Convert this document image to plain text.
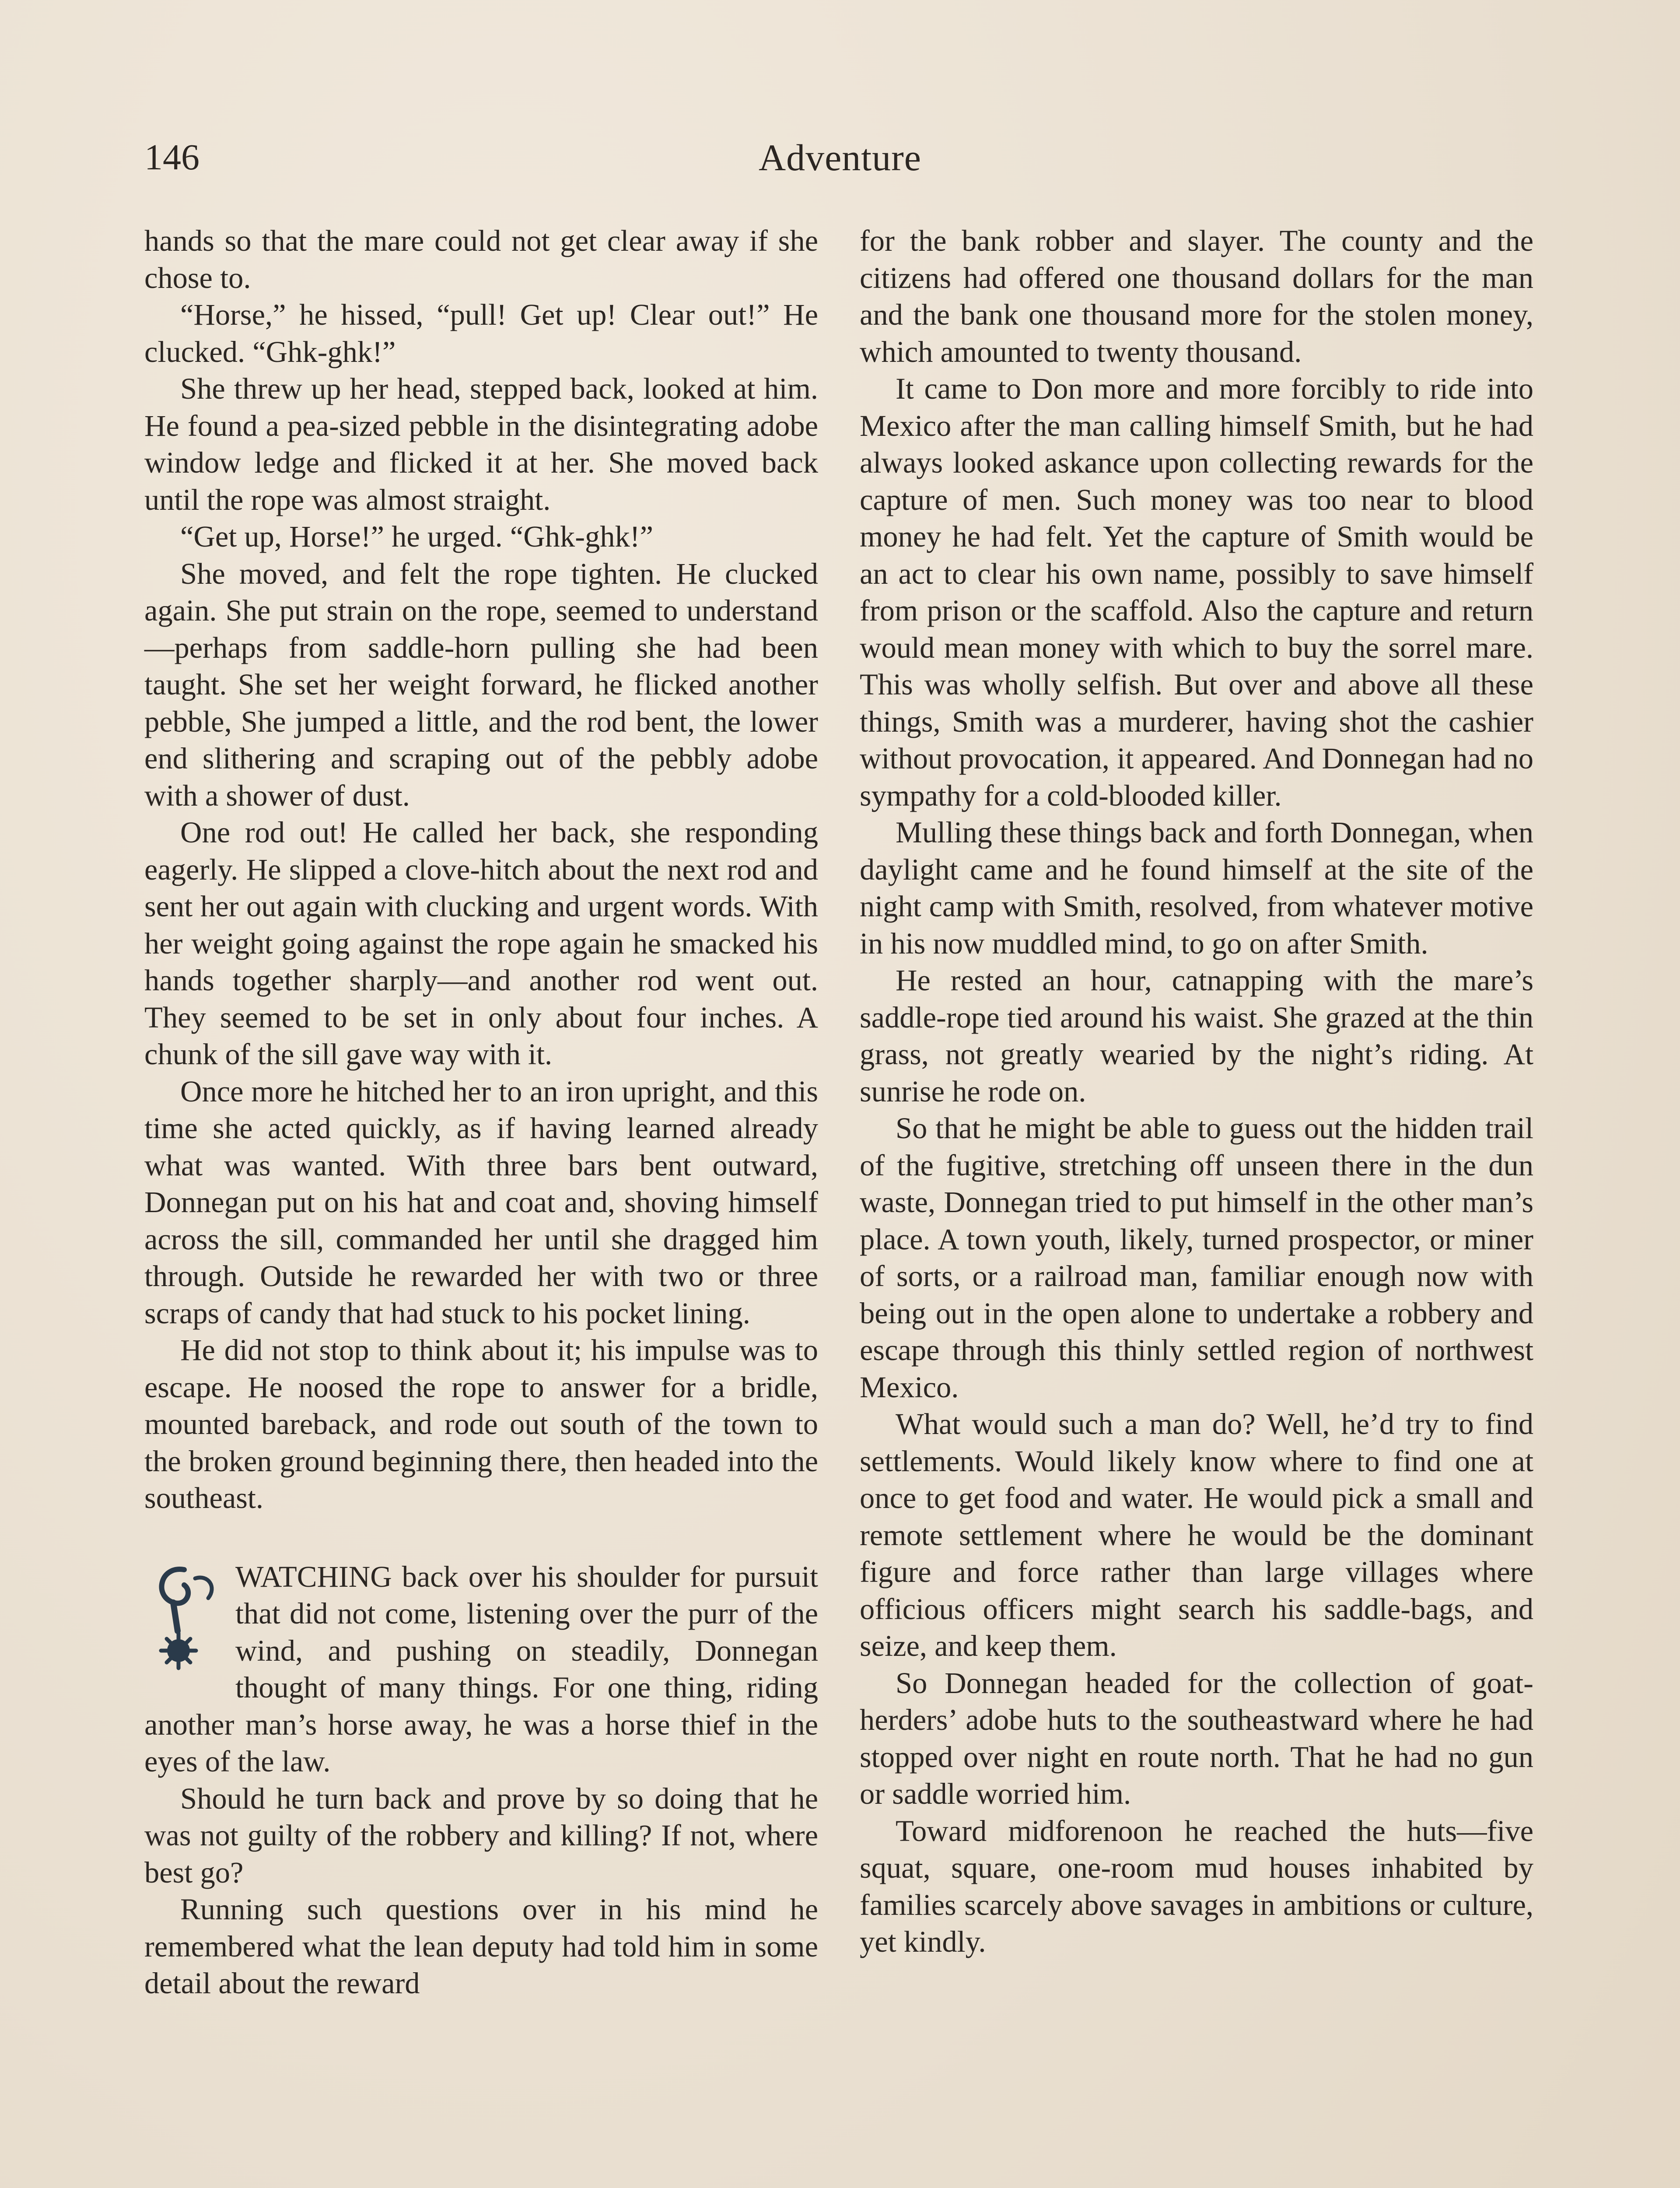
146	Adventure

hands so that the mare could not get clear away if she chose to.

“Horse,” he hissed, “pull! Get up! Clear out!” He clucked. “Ghk-ghk!”

She threw up her head, stepped back, looked at him. He found a pea-sized pebble in the disintegrating adobe window ledge and flicked it at her. She moved back until the rope was almost straight.

“Get up, Horse!” he urged. “Ghk-ghk!”

She moved, and felt the rope tighten. He clucked again. She put strain on the rope, seemed to understand—perhaps from saddle-horn pulling she had been taught. She set her weight forward, he flicked another pebble, She jumped a little, and the rod bent, the lower end slithering and scraping out of the pebbly adobe with a shower of dust.

One rod out! He called her back, she responding eagerly. He slipped a clove-hitch about the next rod and sent her out again with clucking and urgent words. With her weight going against the rope again he smacked his hands together sharply—and another rod went out. They seemed to be set in only about four inches. A chunk of the sill gave way with it.

Once more he hitched her to an iron upright, and this time she acted quickly, as if having learned already what was wanted. With three bars bent outward, Donnegan put on his hat and coat and, shoving himself across the sill, commanded her until she dragged him through. Outside he rewarded her with two or three scraps of candy that had stuck to his pocket lining.

He did not stop to think about it; his impulse was to escape. He noosed the rope to answer for a bridle, mounted bareback, and rode out south of the town to the broken ground beginning there, then headed into the southeast.

WATCHING back over his shoulder for pursuit that did not come, listening over the purr of the wind, and pushing on steadily, Donnegan thought of many things. For one thing, riding another man’s horse away, he was a horse thief in the eyes of the law.

Should he turn back and prove by so doing that he was not guilty of the robbery and killing? If not, where best go?

Running such questions over in his mind he remembered what the lean deputy had told him in some detail about the reward

for the bank robber and slayer. The county and the citizens had offered one thousand dollars for the man and the bank one thousand more for the stolen money, which amounted to twenty thousand.

It came to Don more and more forcibly to ride into Mexico after the man calling himself Smith, but he had always looked askance upon collecting rewards for the capture of men. Such money was too near to blood money he had felt. Yet the capture of Smith would be an act to clear his own name, possibly to save himself from prison or the scaffold. Also the capture and return would mean money with which to buy the sorrel mare. This was wholly selfish. But over and above all these things, Smith was a murderer, having shot the cashier without provocation, it appeared. And Donnegan had no sympathy for a cold-blooded killer.

Mulling these things back and forth Donnegan, when daylight came and he found himself at the site of the night camp with Smith, resolved, from whatever motive in his now muddled mind, to go on after Smith.

He rested an hour, catnapping with the mare’s saddle-rope tied around his waist. She grazed at the thin grass, not greatly wearied by the night’s riding. At sunrise he rode on.

So that he might be able to guess out the hidden trail of the fugitive, stretching off unseen there in the dun waste, Donnegan tried to put himself in the other man’s place. A town youth, likely, turned prospector, or miner of sorts, or a railroad man, familiar enough now with being out in the open alone to undertake a robbery and escape through this thinly settled region of northwest Mexico.

What would such a man do? Well, he’d try to find settlements. Would likely know where to find one at once to get food and water. He would pick a small and remote settlement where he would be the dominant figure and force rather than large villages where officious officers might search his saddle-bags, and seize, and keep them.

So Donnegan headed for the collection of goat-herders’ adobe huts to the southeastward where he had stopped over night en route north. That he had no gun or saddle worried him.

Toward midforenoon he reached the huts—five squat, square, one-room mud houses inhabited by families scarcely above savages in ambitions or culture, yet kindly.
